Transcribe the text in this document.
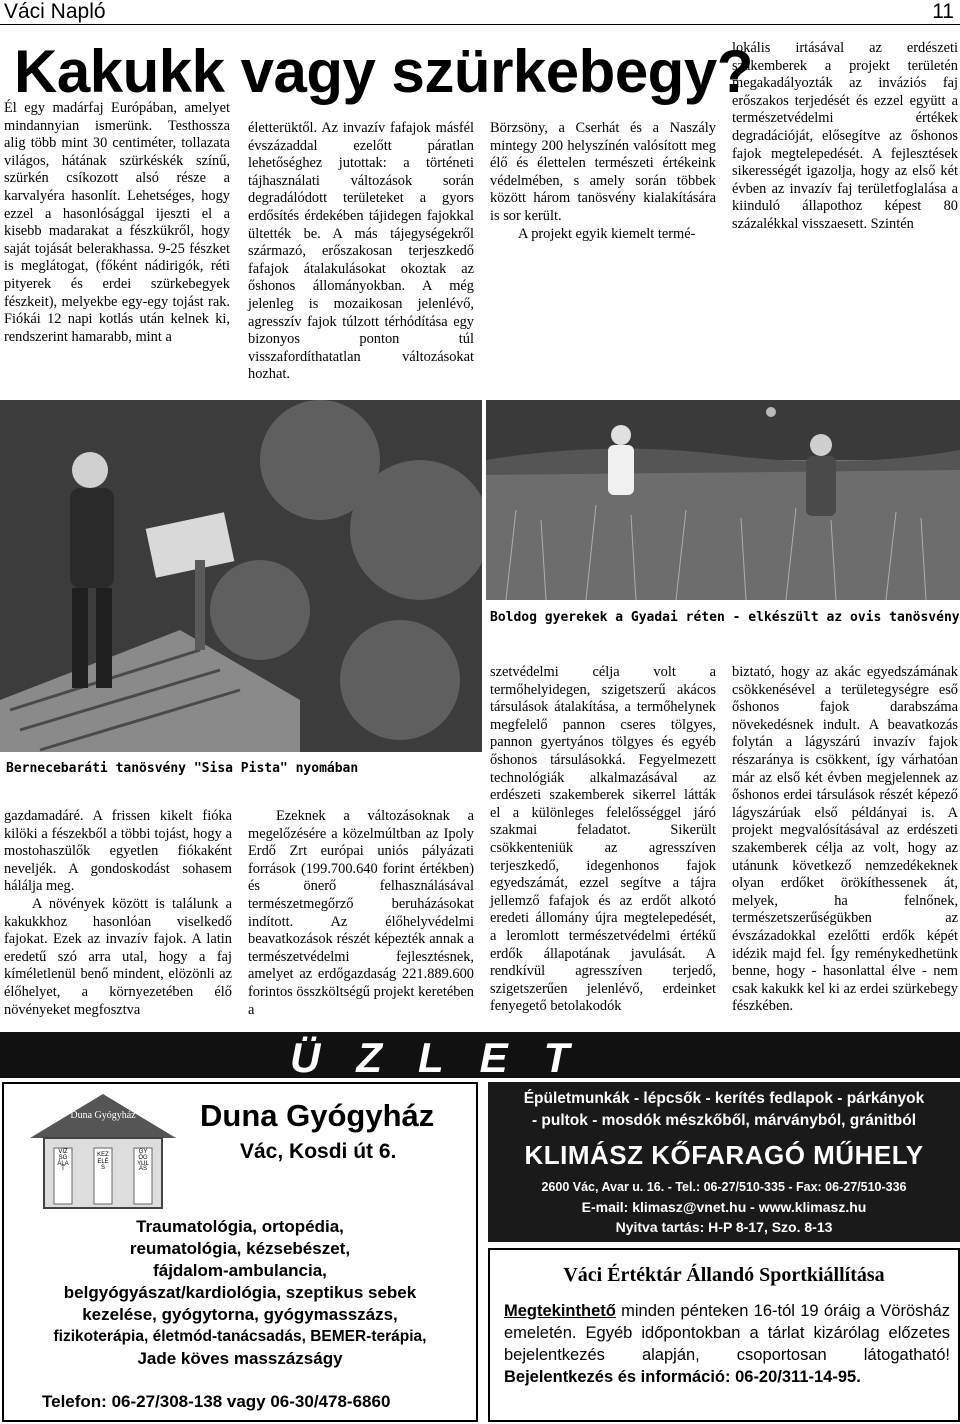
Váci Napló	11
Kakukk vagy szürkebegy?

Él egy madárfaj Európában, amelyet mindannyian ismerünk. Testhossza alig több mint 30 centiméter, tollazata világos, hátának szürkéskék színű, szürkén csíkozott alsó része a karvalyéra hasonlít. Lehetséges, hogy ezzel a hasonlósággal ijeszti el a kisebb madarakat a fészkükről, hogy saját tojását belerakhassa. 9-25 fészket is meglátogat, (főként nádirigók, réti pityerek és erdei szürkebegyek fészkeit), melyekbe egy-egy tojást rak. Fiókái 12 napi kotlás után kelnek ki, rendszerint hamarabb, mint a

életterüktől. Az invazív fafajok másfél évszázaddal ezelőtt páratlan lehetőséghez jutottak: a történeti tájhasználati változások során degradálódott területeket a gyors erdősítés érdekében tájidegen fajokkal ültették be. A más tájegységekről származó, erőszakosan terjeszkedő fafajok átalakulásokat okoztak az őshonos állományokban. A még jelenleg is mozaikosan jelenlévő, agresszív fajok túlzott térhódítása egy bizonyos ponton túl visszafordíthatatlan változásokat hozhat.

Börzsöny, a Cserhát és a Naszály mintegy 200 helyszínén valósított meg élő és élettelen természeti értékeink védelmében, s amely során többek között három tanösvény kialakítására is sor került.

A projekt egyik kiemelt termé-

lokális irtásával az erdészeti szakemberek a projekt területén megakadályozták az inváziós faj erőszakos terjedését és ezzel együtt a természetvédelmi értékek degradációját, elősegítve az őshonos fajok megtelepedését. A fejlesztések sikerességét igazolja, hogy az első két évben az invazív faj területfoglalása a kiinduló állapothoz képest 80 százalékkal visszaesett. Szintén

Boldog gyerekek a Gyadai réten - elkészült az ovis tanösvény
Bernecebaráti tanösvény "Sisa Pista" nyomában

gazdamadáré. A frissen kikelt fióka kilöki a fészekből a többi tojást, hogy a mostohaszülők egyetlen fiókaként neveljék. A gondoskodást sohasem hálálja meg.

A növények között is találunk a kakukkhoz hasonlóan viselkedő fajokat. Ezek az invazív fajok. A latin eredetű szó arra utal, hogy a faj kíméletlenül benő mindent, elözönli az élőhelyet, a környezetében élő növényeket megfosztva

Ezeknek a változásoknak a megelőzésére a közelmúltban az Ipoly Erdő Zrt európai uniós pályázati források (199.700.640 forint értékben) és önerő felhasználásával természetmegőrző beruházásokat indított. Az élőhelyvédelmi beavatkozások részét képezték annak a természetvédelmi fejlesztésnek, amelyet az erdőgazdaság 221.889.600 forintos összköltségű projekt keretében a

szetvédelmi célja volt a termőhelyidegen, szigetszerű akácos társulások átalakítása, a termőhelynek megfelelő pannon cseres tölgyes, pannon gyertyános tölgyes és egyéb őshonos társulásokká. Fegyelmezett technológiák alkalmazásával az erdészeti szakemberek sikerrel látták el a különleges felelősséggel járó szakmai feladatot. Sikerült csökkenteniük az agresszíven terjeszkedő, idegenhonos fajok egyedszámát, ezzel segítve a tájra jellemző fafajok és az erdőt alkotó eredeti állomány újra megtelepedését, a leromlott természetvédelmi értékű erdők állapotának javulását. A rendkívül agresszíven terjedő, szigetszerűen jelenlévő, erdeinket fenyegető betolakodók

biztató, hogy az akác egyedszámának csökkenésével a területegységre eső őshonos fajok darabszáma növekedésnek indult. A beavatkozás folytán a lágyszárú invazív fajok részaránya is csökkent, így várhatóan már az első két évben megjelennek az őshonos erdei társulások részét képező lágyszárúak első példányai is. A projekt megvalósításával az erdészeti szakemberek célja az volt, hogy az utánunk következő nemzedékeknek olyan erdőket örökíthessenek át, melyek, ha felnőnek, természetszerűségükben az évszázadokkal ezelőtti erdők képét idézik majd fel. Így reménykedhetünk benne, hogy - hasonlattal élve - nem csak kakukk kel ki az erdei szürkebegy fészkében.

ÜZLET
Duna Gyógyház
VIZSGÁLAT
KEZELÉS
GYÓGYULÁS
Duna Gyógyház
Vác, Kosdi út 6.
Traumatológia, ortopédia,
reumatológia, kézsebészet,
fájdalom-ambulancia,
belgyógyászat/kardiológia, szeptikus sebek
kezelése, gyógytorna, gyógymasszázs,
fizikoterápia, életmód-tanácsadás, BEMER-terápia,
Jade köves masszázságy
Telefon: 06-27/308-138 vagy 06-30/478-6860
Épületmunkák - lépcsők - kerítés fedlapok - párkányok
- pultok - mosdók mészkőből, márványból, gránitból
KLIMÁSZ KŐFARAGÓ MŰHELY
2600 Vác, Avar u. 16. - Tel.: 06-27/510-335 - Fax: 06-27/510-336
E-mail: klimasz@vnet.hu - www.klimasz.hu
Nyitva tartás: H-P 8-17, Szo. 8-13
Váci Értéktár Állandó Sportkiállítása
Megtekinthető minden pénteken 16-tól 19 óráig a Vörösház emeletén. Egyéb időpontokban a tárlat kizárólag előzetes bejelentkezés alapján, csoportosan látogatható! Bejelentkezés és információ: 06-20/311-14-95.
